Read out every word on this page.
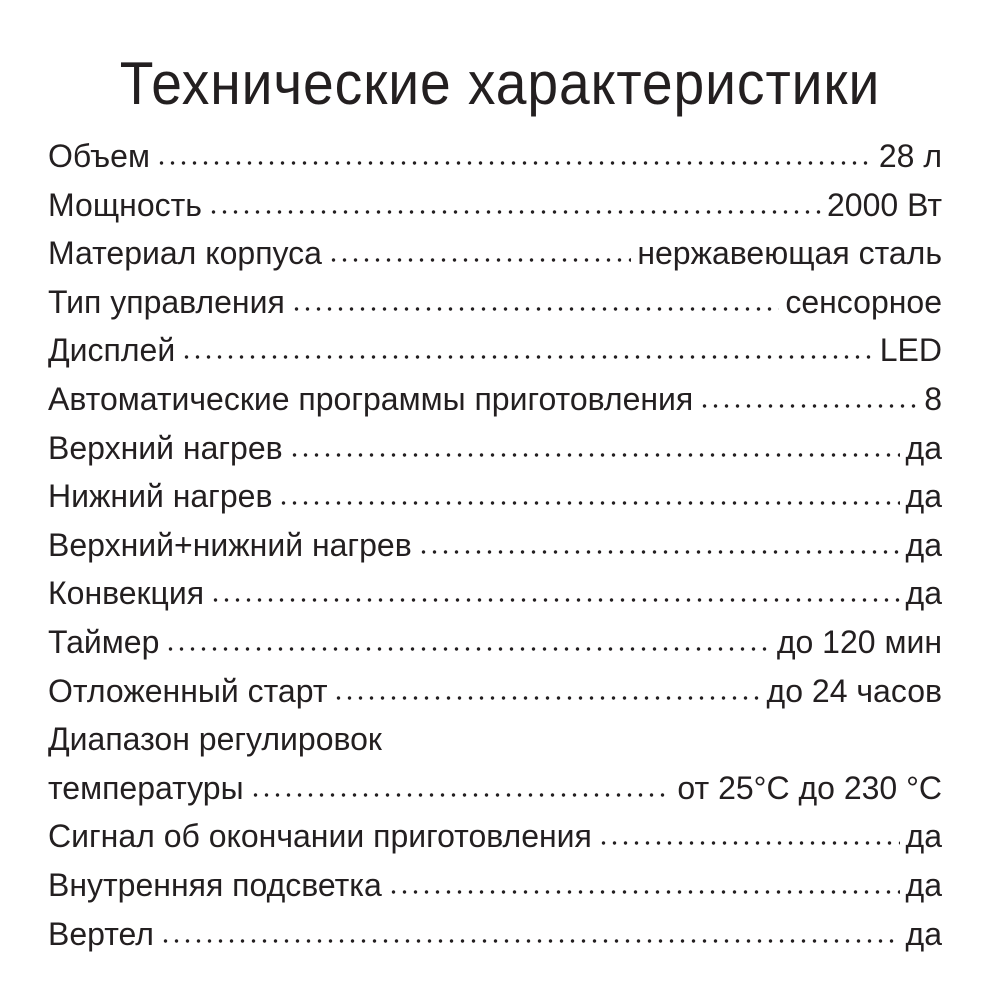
Технические характеристики
Объем	28 л
Мощность	2000 Вт
Материал корпуса	нержавеющая сталь
Тип управления	сенсорное
Дисплей	LED
Автоматические программы приготовления	8
Верхний нагрев	да
Нижний нагрев	да
Верхний+нижний нагрев	да
Конвекция	да
Таймер	до 120 мин
Отложенный старт	до 24 часов
Диапазон регулировок
температуры	от 25°С до 230 °С
Сигнал об окончании приготовления	да
Внутренняя подсветка	да
Вертел	да
